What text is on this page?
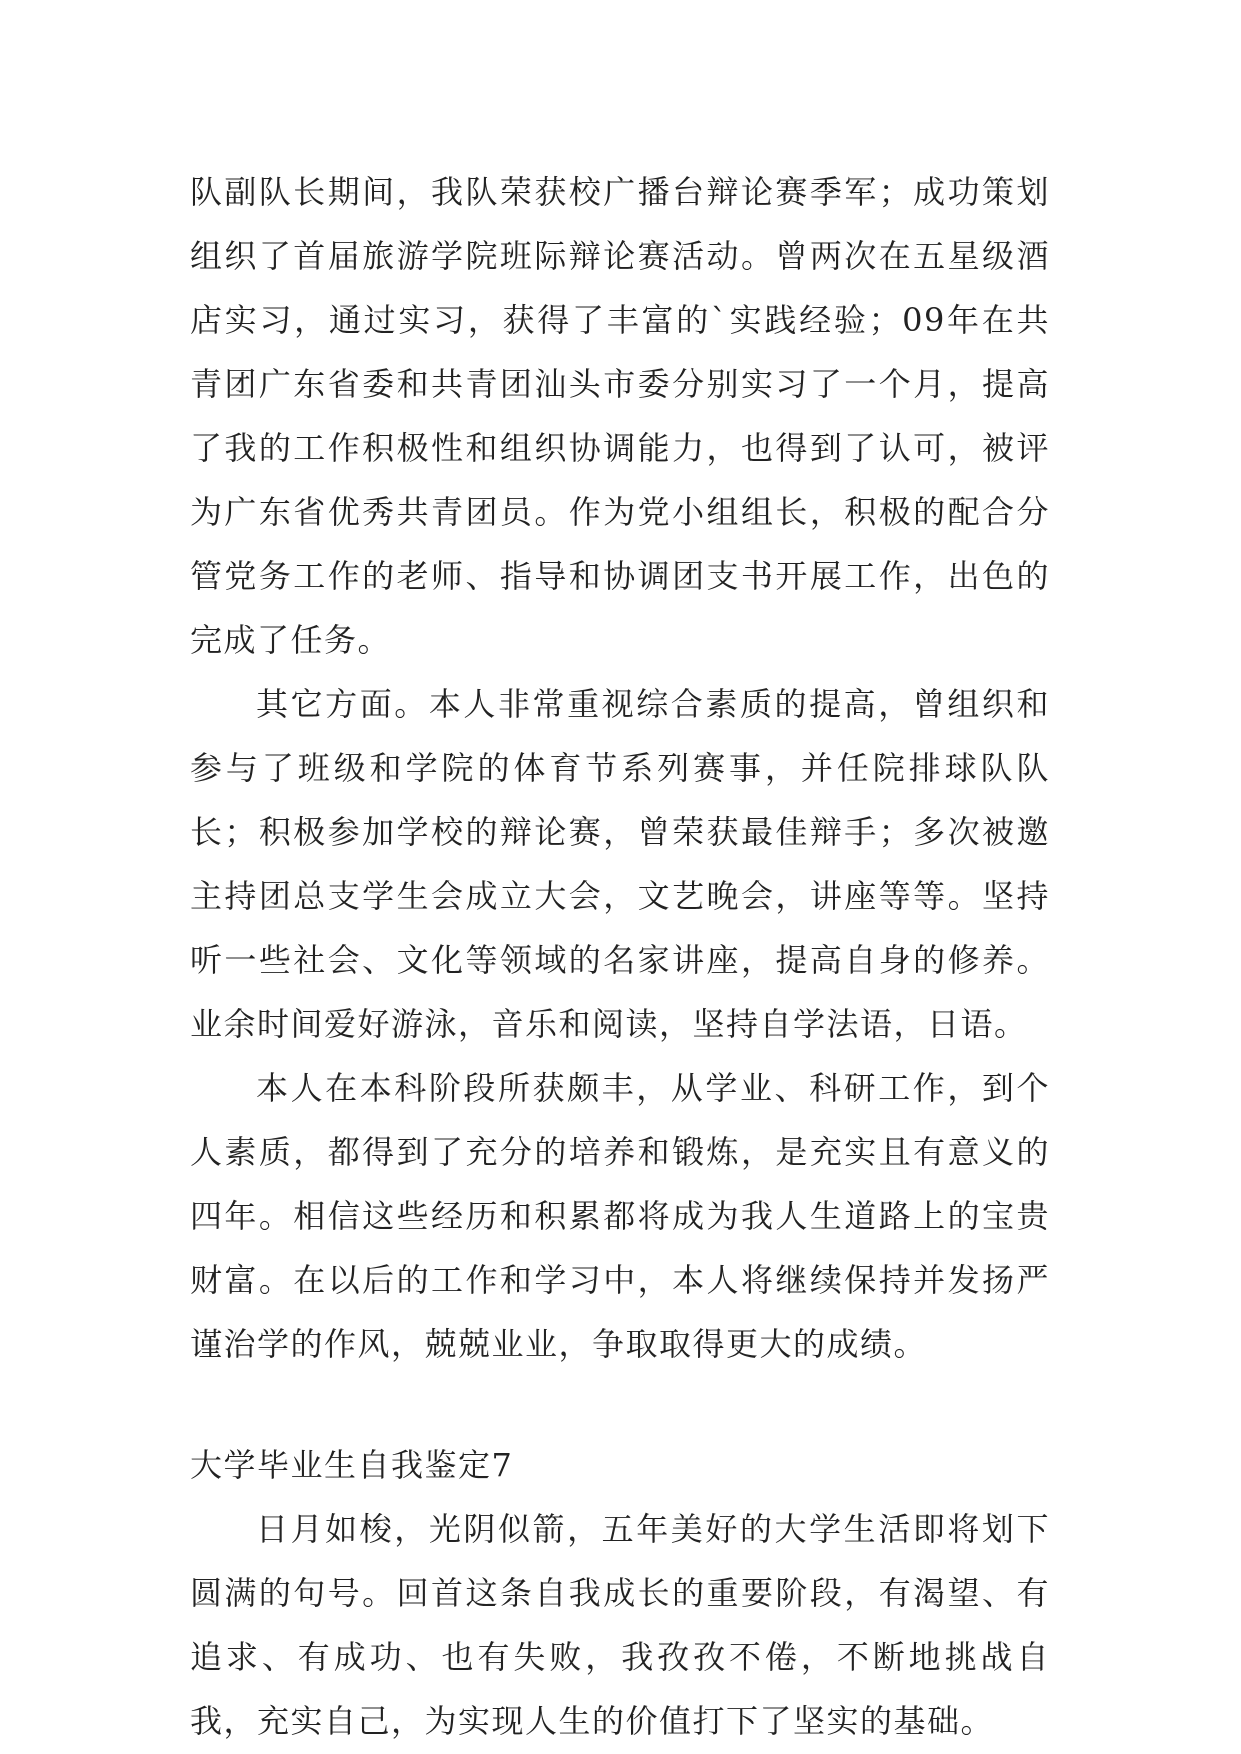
队副队长期间，我队荣获校广播台辩论赛季军；成功策划组织了首届旅游学院班际辩论赛活动。曾两次在五星级酒店实习，通过实习，获得了丰富的`实践经验；09年在共青团广东省委和共青团汕头市委分别实习了一个月，提高了我的工作积极性和组织协调能力，也得到了认可，被评为广东省优秀共青团员。作为党小组组长，积极的配合分管党务工作的老师、指导和协调团支书开展工作，出色的完成了任务。

其它方面。本人非常重视综合素质的提高，曾组织和参与了班级和学院的体育节系列赛事，并任院排球队队长；积极参加学校的辩论赛，曾荣获最佳辩手；多次被邀主持团总支学生会成立大会，文艺晚会，讲座等等。坚持听一些社会、文化等领域的名家讲座，提高自身的修养。业余时间爱好游泳，音乐和阅读，坚持自学法语，日语。

本人在本科阶段所获颇丰，从学业、科研工作，到个人素质，都得到了充分的培养和锻炼，是充实且有意义的四年。相信这些经历和积累都将成为我人生道路上的宝贵财富。在以后的工作和学习中，本人将继续保持并发扬严谨治学的作风，兢兢业业，争取取得更大的成绩。

大学毕业生自我鉴定7

日月如梭，光阴似箭，五年美好的大学生活即将划下圆满的句号。回首这条自我成长的重要阶段，有渴望、有追求、有成功、也有失败，我孜孜不倦，不断地挑战自我，充实自己，为实现人生的价值打下了坚实的基础。
